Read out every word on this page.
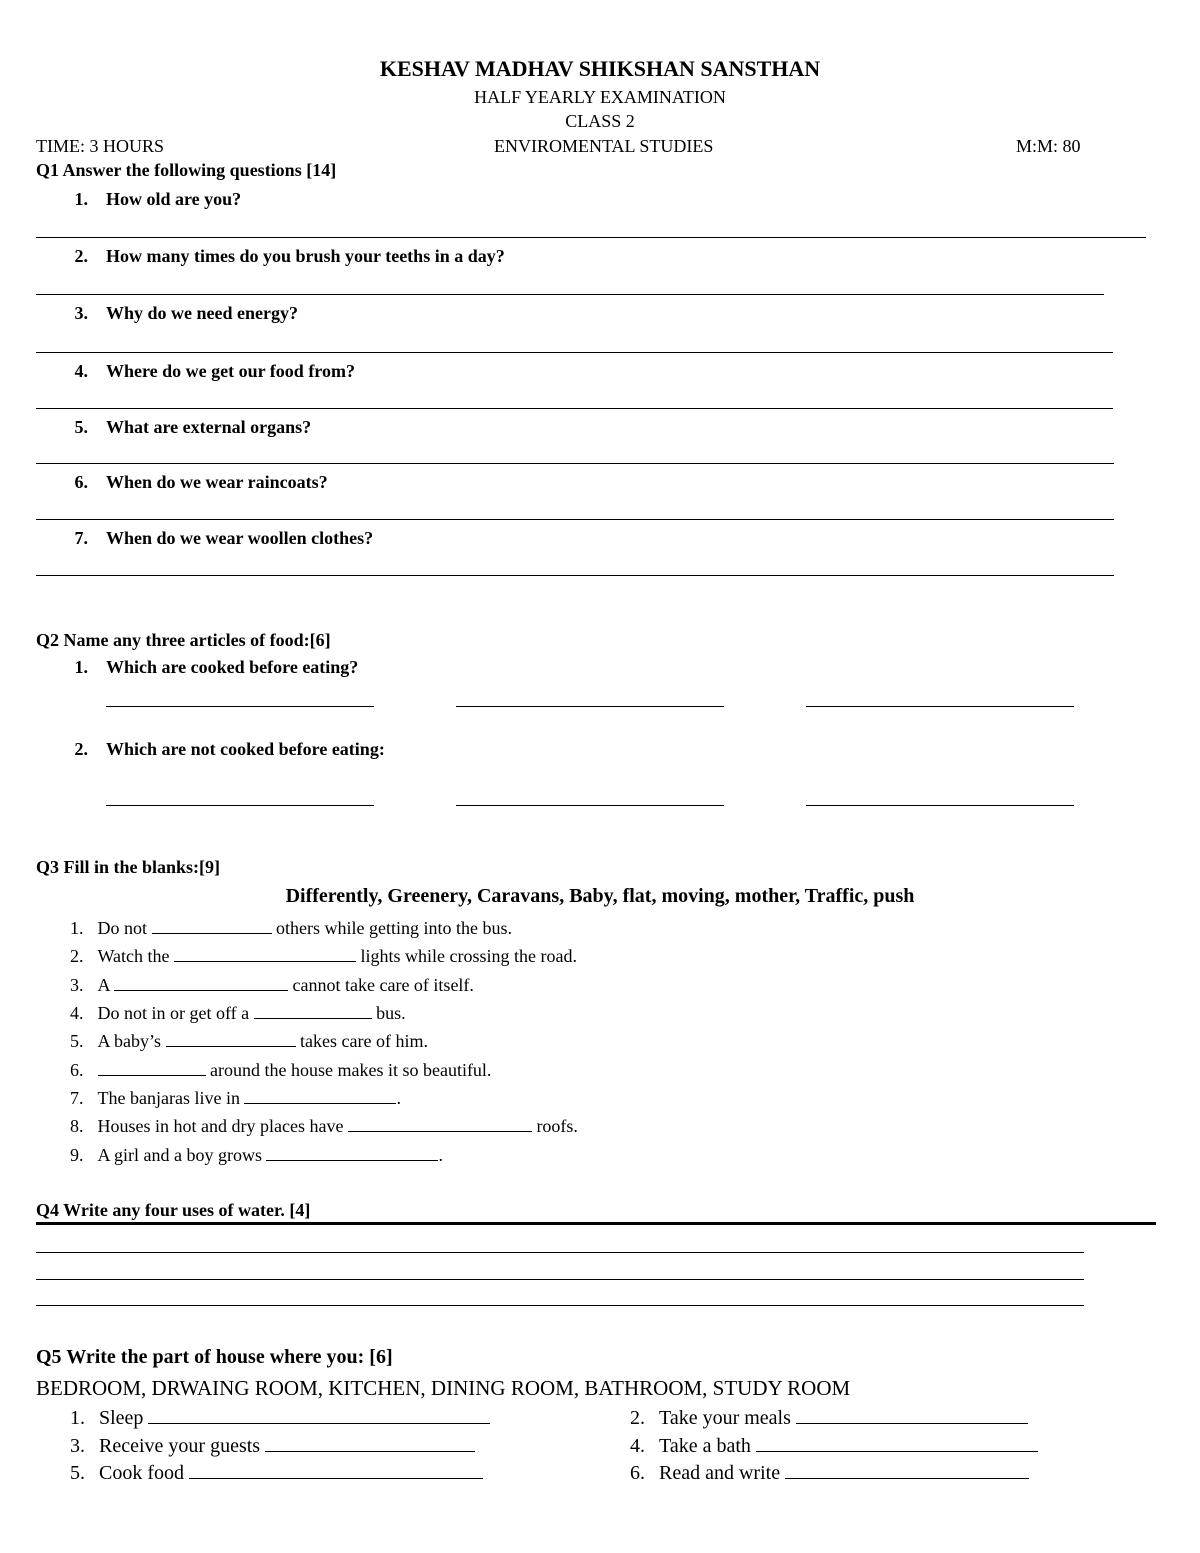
KESHAV MADHAV SHIKSHAN SANSTHAN
HALF YEARLY EXAMINATION
CLASS 2
TIME: 3 HOURS	ENVIROMENTAL STUDIES	M:M: 80
Q1 Answer the following questions [14]
1. How old are you?
2. How many times do you brush your teeths in a day?
3. Why do we need energy?
4. Where do we get our food from?
5. What are external organs?
6. When do we wear raincoats?
7. When do we wear woollen clothes?
Q2 Name any three articles of food:[6]
1. Which are cooked before eating?
2. Which are not cooked before eating:
Q3 Fill in the blanks:[9]
Differently, Greenery, Caravans, Baby, flat, moving, mother, Traffic, push
1. Do not	others while getting into the bus.
2. Watch the	lights while crossing the road.
3. A	cannot take care of itself.
4. Do not in or get off a	bus.
5. A baby’s	takes care of him.
6.	around the house makes it so beautiful.
7. The banjaras live in	.
8. Houses in hot and dry places have	roofs.
9. A girl and a boy grows	.
Q4 Write any four uses of water. [4]
Q5 Write the part of house where you: [6]
BEDROOM, DRWAING ROOM, KITCHEN, DINING ROOM, BATHROOM, STUDY ROOM
1. Sleep	2. Take your meals
3. Receive your guests	4. Take a bath
5. Cook food	6. Read and write
